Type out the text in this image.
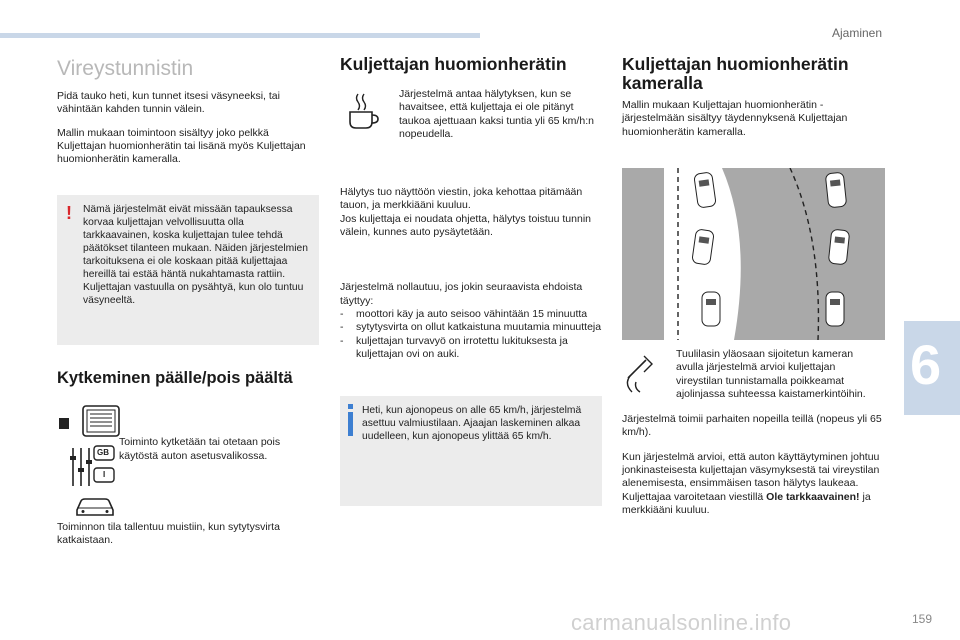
Ajaminen
Vireystunnistin

Pidä tauko heti, kun tunnet itsesi väsyneeksi, tai vähintään kahden tunnin välein.

Mallin mukaan toimintoon sisältyy joko pelkkä Kuljettajan huomionherätin tai lisänä myös Kuljettajan huomionherätin kameralla.

! Nämä järjestelmät eivät missään tapauksessa korvaa kuljettajan velvollisuutta olla tarkkaavainen, koska kuljettajan tulee tehdä päätökset tilanteen mukaan. Näiden järjestelmien tarkoituksena ei ole koskaan pitää kuljettajaa hereillä tai estää häntä nukahtamasta rattiin. Kuljettajan vastuulla on pysähtyä, kun olo tuntuu väsyneeltä.

Kytkeminen päälle/pois päältä
GB
I

Toiminto kytketään tai otetaan pois käytöstä auton asetusvalikossa.

Toiminnon tila tallentuu muistiin, kun sytytysvirta katkaistaan.

Kuljettajan huomionherätin

Järjestelmä antaa hälytyksen, kun se havaitsee, että kuljettaja ei ole pitänyt taukoa ajettuaan kaksi tuntia yli 65 km/h:n nopeudella.

Hälytys tuo näyttöön viestin, joka kehottaa pitämään tauon, ja merkkiääni kuuluu.

Jos kuljettaja ei noudata ohjetta, hälytys toistuu tunnin välein, kunnes auto pysäytetään.

Järjestelmä nollautuu, jos jokin seuraavista ehdoista täyttyy:

-	moottori käy ja auto seisoo vähintään 15 minuutta
-	sytytysvirta on ollut katkaistuna muutamia minuutteja
-	kuljettajan turvavyö on irrotettu lukituksesta ja kuljettajan ovi on auki.

Heti, kun ajonopeus on alle 65 km/h, järjestelmä asettuu valmiustilaan. Ajaajan laskeminen alkaa uudelleen, kun ajonopeus ylittää 65 km/h.

Kuljettajan huomionherätin kameralla

Mallin mukaan Kuljettajan huomionherätin -järjestelmään sisältyy täydennyksenä Kuljettajan huomionherätin kameralla.

Tuulilasin yläosaan sijoitetun kameran avulla järjestelmä arvioi kuljettajan vireystilan tunnistamalla poikkeamat ajolinjassa suhteessa kaistamerkintöihin.

Järjestelmä toimii parhaiten nopeilla teillä (nopeus yli 65 km/h).

Kun järjestelmä arvioi, että auton käyttäytyminen johtuu jonkinasteisesta kuljettajan väsymyksestä tai vireystilan alenemisesta, ensimmäisen tason hälytys laukeaa.

Kuljettajaa varoitetaan viestillä Ole tarkkaavainen! ja merkkiääni kuuluu.

6
carmanualsonline.info	159
